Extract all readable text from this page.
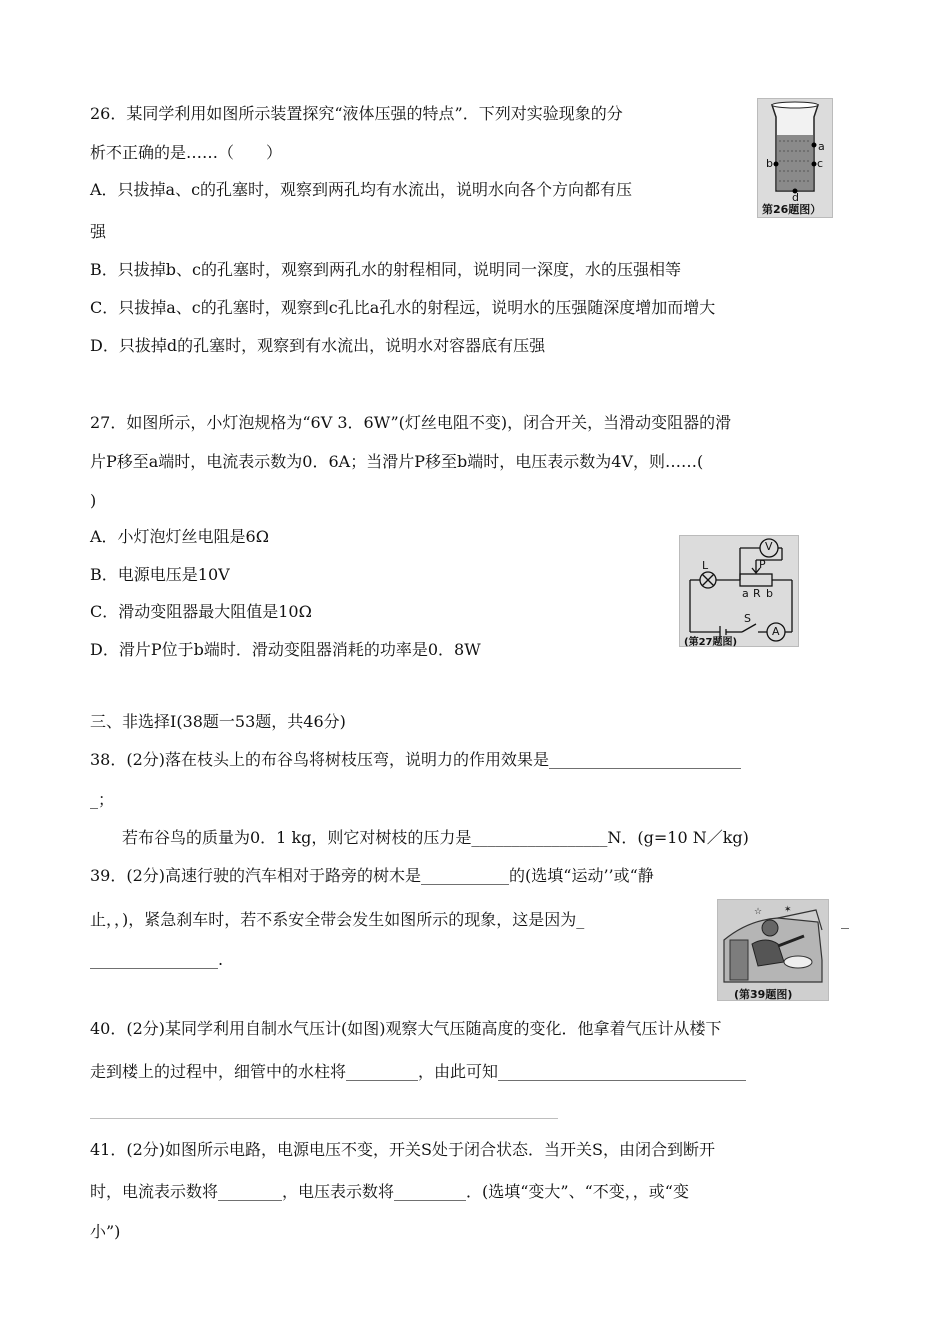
26．某同学利用如图所示装置探究“液体压强的特点”．下列对实验现象的分
析不正确的是……（　　）
A．只拔掉a、c的孔塞时，观察到两孔均有水流出，说明水向各个方向都有压
强
B．只拔掉b、c的孔塞时，观察到两孔水的射程相同，说明同一深度，水的压强相等
C．只拔掉a、c的孔塞时，观察到c孔比a孔水的射程远，说明水的压强随深度增加而增大
D．只拔掉d的孔塞时，观察到有水流出，说明水对容器底有压强
a
b	c
d
第26题图）
27．如图所示，小灯泡规格为“6V 3．6W”(灯丝电阻不变)，闭合开关，当滑动变阻器的滑
片P移至a端时，电流表示数为0．6A；当滑片P移至b端时，电压表示数为4V，则……(
)
A．小灯泡灯丝电阻是6Ω
B．电源电压是10V
C．滑动变阻器最大阻值是10Ω
D．滑片P位于b端时．滑动变阻器消耗的功率是0．8W
L
V
P
a R b
S
A
(第27题图)
三、非选择Ⅰ(38题一53题，共46分)
38．(2分)落在枝头上的布谷鸟将树枝压弯，说明力的作用效果是________________________
_；
若布谷鸟的质量为0．1 kg，则它对树枝的压力是_________________N．(g=10 N／kg)
39．(2分)高速行驶的汽车相对于路旁的树木是___________的(选填“运动’’或“静
止，，)，紧急刹车时，若不系安全带会发生如图所示的现象，这是因为_	_
________________.
☆ ✶
(第39题图)
40．(2分)某同学利用自制水气压计(如图)观察大气压随高度的变化．他拿着气压计从楼下
走到楼上的过程中，细管中的水柱将_________，由此可知_______________________________
______________________________________________________________________________
41．(2分)如图所示电路，电源电压不变，开关S处于闭合状态．当开关S，由闭合到断开
时，电流表示数将________，电压表示数将_________．(选填“变大”、“不变，，或“变
小”)
